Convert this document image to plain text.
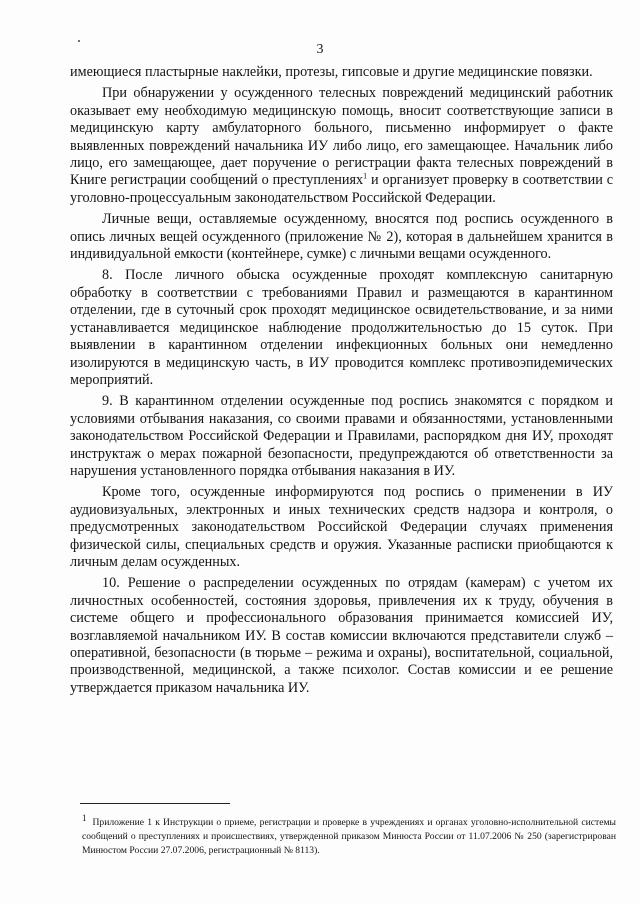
3

имеющиеся пластырные наклейки, протезы, гипсовые и другие медицинские повязки.

При обнаружении у осужденного телесных повреждений медицинский работник оказывает ему необходимую медицинскую помощь, вносит соответствующие записи в медицинскую карту амбулаторного больного, письменно информирует о факте выявленных повреждений начальника ИУ либо лицо, его замещающее. Начальник либо лицо, его замещающее, дает поручение о регистрации факта телесных повреждений в Книге регистрации сообщений о преступлениях$^1$ и организует проверку в соответствии с уголовно-процессуальным законодательством Российской Федерации.

Личные вещи, оставляемые осужденному, вносятся под роспись осужденного в опись личных вещей осужденного (приложение № 2), которая в дальнейшем хранится в индивидуальной емкости (контейнере, сумке) с личными вещами осужденного.

8. После личного обыска осужденные проходят комплексную санитарную обработку в соответствии с требованиями Правил и размещаются в карантинном отделении, где в суточный срок проходят медицинское освидетельствование, и за ними устанавливается медицинское наблюдение продолжительностью до 15 суток. При выявлении в карантинном отделении инфекционных больных они немедленно изолируются в медицинскую часть, в ИУ проводится комплекс противоэпидемических мероприятий.

9. В карантинном отделении осужденные под роспись знакомятся с порядком и условиями отбывания наказания, со своими правами и обязанностями, установленными законодательством Российской Федерации и Правилами, распорядком дня ИУ, проходят инструктаж о мерах пожарной безопасности, предупреждаются об ответственности за нарушения установленного порядка отбывания наказания в ИУ.

Кроме того, осужденные информируются под роспись о применении в ИУ аудиовизуальных, электронных и иных технических средств надзора и контроля, о предусмотренных законодательством Российской Федерации случаях применения физической силы, специальных средств и оружия. Указанные расписки приобщаются к личным делам осужденных.

10. Решение о распределении осужденных по отрядам (камерам) с учетом их личностных особенностей, состояния здоровья, привлечения их к труду, обучения в системе общего и профессионального образования принимается комиссией ИУ, возглавляемой начальником ИУ. В состав комиссии включаются представители служб – оперативной, безопасности (в тюрьме – режима и охраны), воспитательной, социальной, производственной, медицинской, а также психолог. Состав комиссии и ее решение утверждается приказом начальника ИУ.

1 Приложение 1 к Инструкции о приеме, регистрации и проверке в учреждениях и органах уголовно-исполнительной системы сообщений о преступлениях и происшествиях, утвержденной приказом Минюста России от 11.07.2006 № 250 (зарегистрирован Минюстом России 27.07.2006, регистрационный № 8113).
